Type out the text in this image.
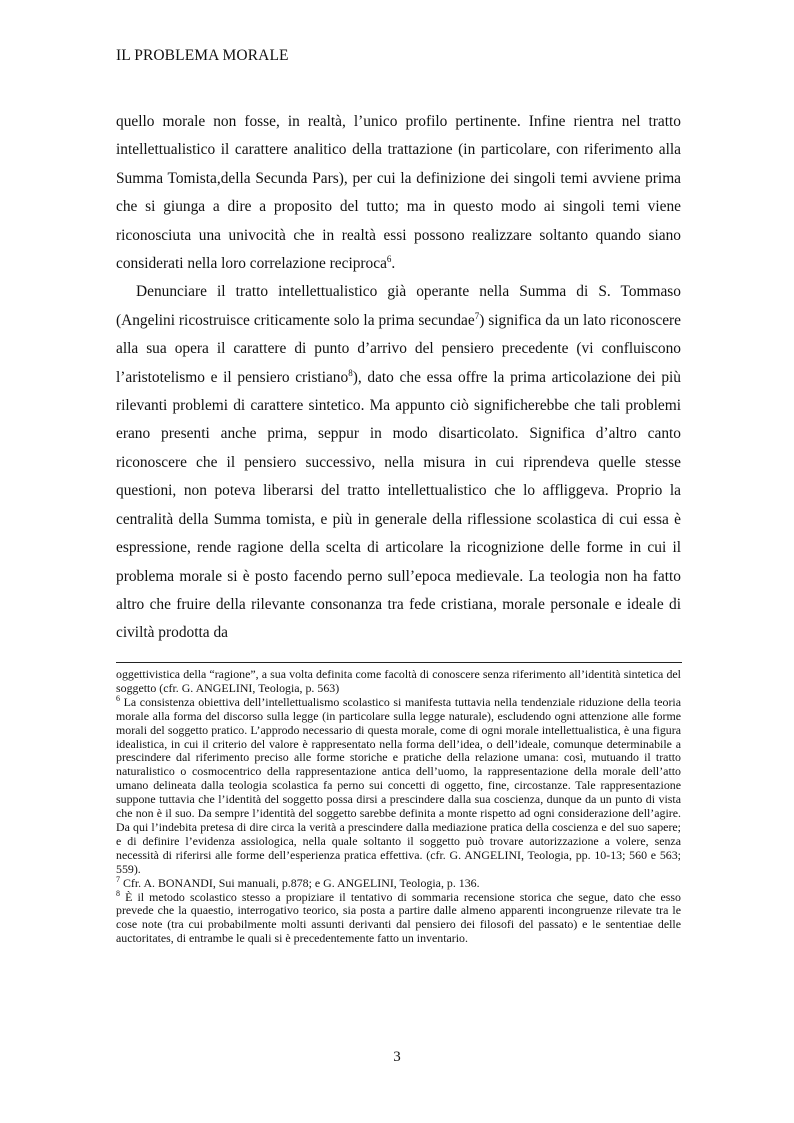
IL PROBLEMA MORALE

quello morale non fosse, in realtà, l’unico profilo pertinente. Infine rientra nel tratto intellettualistico il carattere analitico della trattazione (in particolare, con riferimento alla Summa Tomista,della Secunda Pars), per cui la definizione dei singoli temi avviene prima che si giunga a dire a proposito del tutto; ma in questo modo ai singoli temi viene riconosciuta una univocità che in realtà essi possono realizzare soltanto quando siano considerati nella loro correlazione reciproca$^6$.

Denunciare il tratto intellettualistico già operante nella Summa di S. Tommaso (Angelini ricostruisce criticamente solo la prima secundae$^7$) significa da un lato riconoscere alla sua opera il carattere di punto d’arrivo del pensiero precedente (vi confluiscono l’aristotelismo e il pensiero cristiano$^8$), dato che essa offre la prima articolazione dei più rilevanti problemi di carattere sintetico. Ma appunto ciò significherebbe che tali problemi erano presenti anche prima, seppur in modo disarticolato. Significa d’altro canto riconoscere che il pensiero successivo, nella misura in cui riprendeva quelle stesse questioni, non poteva liberarsi del tratto intellettualistico che lo affliggeva. Proprio la centralità della Summa tomista, e più in generale della riflessione scolastica di cui essa è espressione, rende ragione della scelta di articolare la ricognizione delle forme in cui il problema morale si è posto facendo perno sull’epoca medievale. La teologia non ha fatto altro che fruire della rilevante consonanza tra fede cristiana, morale personale e ideale di civiltà prodotta da

oggettivistica della “ragione”, a sua volta definita come facoltà di conoscere senza riferimento all’identità sintetica del soggetto (cfr. G. ANGELINI, Teologia, p. 563)

$^6$ La consistenza obiettiva dell’intellettualismo scolastico si manifesta tuttavia nella tendenziale riduzione della teoria morale alla forma del discorso sulla legge (in particolare sulla legge naturale), escludendo ogni attenzione alle forme morali del soggetto pratico. L’approdo necessario di questa morale, come di ogni morale intellettualistica, è una figura idealistica, in cui il criterio del valore è rappresentato nella forma dell’idea, o dell’ideale, comunque determinabile a prescindere dal riferimento preciso alle forme storiche e pratiche della relazione umana: così, mutuando il tratto naturalistico o cosmocentrico della rappresentazione antica dell’uomo, la rappresentazione della morale dell’atto umano delineata dalla teologia scolastica fa perno sui concetti di oggetto, fine, circostanze. Tale rappresentazione suppone tuttavia che l’identità del soggetto possa dirsi a prescindere dalla sua coscienza, dunque da un punto di vista che non è il suo. Da sempre l’identità del soggetto sarebbe definita a monte rispetto ad ogni considerazione dell’agire. Da qui l’indebita pretesa di dire circa la verità a prescindere dalla mediazione pratica della coscienza e del suo sapere; e di definire l’evidenza assiologica, nella quale soltanto il soggetto può trovare autorizzazione a volere, senza necessità di riferirsi alle forme dell’esperienza pratica effettiva. (cfr. G. ANGELINI, Teologia, pp. 10-13; 560 e 563; 559).

$^7$ Cfr. A. BONANDI, Sui manuali, p.878; e G. ANGELINI, Teologia, p. 136.

$^8$ È il metodo scolastico stesso a propiziare il tentativo di sommaria recensione storica che segue, dato che esso prevede che la quaestio, interrogativo teorico, sia posta a partire dalle almeno apparenti incongruenze rilevate tra le cose note (tra cui probabilmente molti assunti derivanti dal pensiero dei filosofi del passato) e le sententiae delle auctoritates, di entrambe le quali si è precedentemente fatto un inventario.

3
